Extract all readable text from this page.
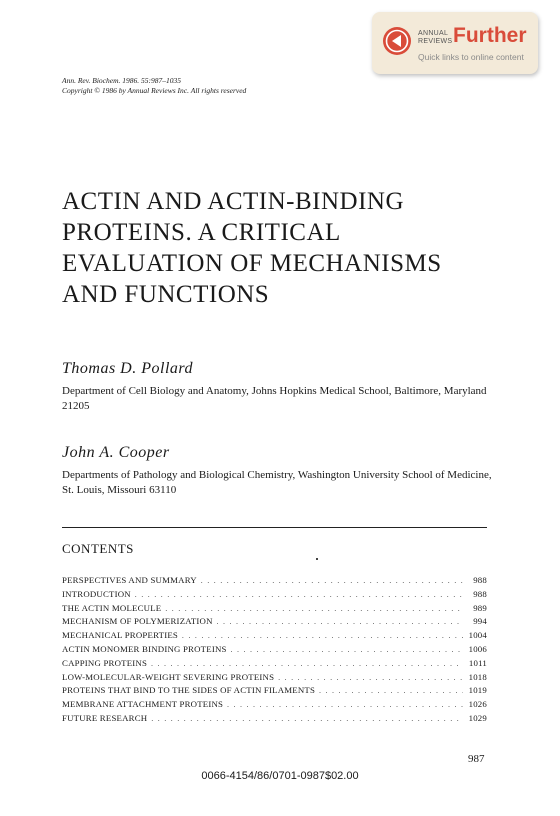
ANNUAL
REVIEWS Further
Quick links to online content
Ann. Rev. Biochem. 1986. 55:987–1035
Copyright © 1986 by Annual Reviews Inc. All rights reserved
ACTIN AND ACTIN-BINDING
PROTEINS. A CRITICAL
EVALUATION OF MECHANISMS
AND FUNCTIONS
Thomas D. Pollard
Department of Cell Biology and Anatomy, Johns Hopkins Medical School, Baltimore, Maryland 21205
John A. Cooper
Departments of Pathology and Biological Chemistry, Washington University School of Medicine, St. Louis, Missouri 63110
CONTENTS
PERSPECTIVES AND SUMMARY . . .	988
INTRODUCTION . . .	988
THE ACTIN MOLECULE . . .	989
MECHANISM OF POLYMERIZATION . . .	994
MECHANICAL PROPERTIES . . .	1004
ACTIN MONOMER BINDING PROTEINS . . .	1006
CAPPING PROTEINS . . .	1011
LOW-MOLECULAR-WEIGHT SEVERING PROTEINS . . .	1018
PROTEINS THAT BIND TO THE SIDES OF ACTIN FILAMENTS . . .	1019
MEMBRANE ATTACHMENT PROTEINS . . .	1026
FUTURE RESEARCH . . .	1029
987
0066-4154/86/0701-0987$02.00
